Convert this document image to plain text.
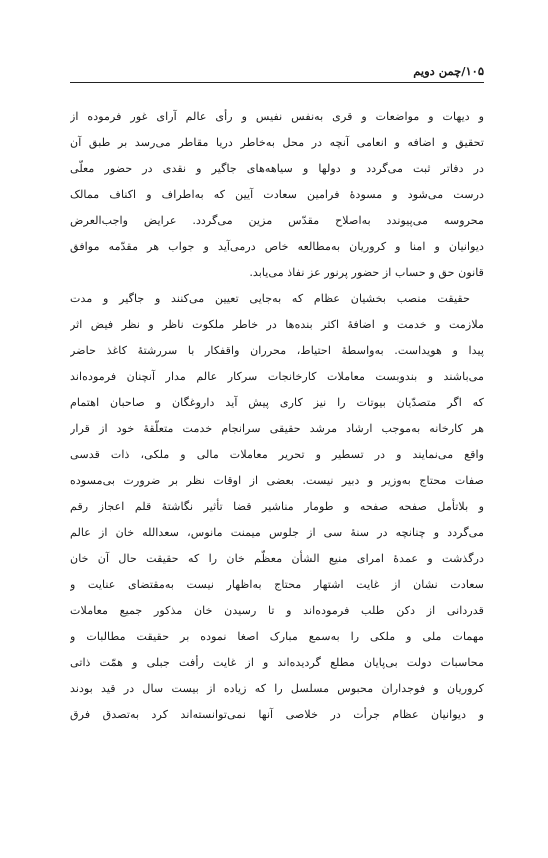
۱۰۵/چمن دویم
و دیهات و مواضعات و قری به‌نفس نفیس و رأی عالم آرای غور فرموده از
تحقیق و اضافه و انعامی آنچه در محل به‌خاطر دریا مقاطر می‌رسد بر طبق آن
در دفاتر ثبت می‌گردد و دولها و سیاهه‌های جاگیر و نقدی در حضور معلّی
درست می‌شود و مسودهٔ فرامین سعادت آیین که به‌اطراف و اکناف ممالک
محروسه می‌پیوندد به‌اصلاح مقدّس مزین می‌گردد. عرایض واجب‌العرض
دیوانیان و امنا و کروریان به‌مطالعه خاص درمی‌آید و جواب هر مقدّمه موافق
قانون حق و حساب از حضور پرنور عز نفاذ می‌یابد.
حقیقت منصب بخشیان عظام که به‌جایی تعیین می‌کنند و جاگیر و مدت
ملازمت و خدمت و اضافهٔ اکثر بنده‌ها در خاطر ملکوت ناظر و نظر فیض اثر
پیدا و هویداست. به‌واسطهٔ احتیاط، محرران واقفکار با سررشتهٔ کاغذ حاضر
می‌باشند و بندوبست معاملات کارخانجات سرکار عالم مدار آنچنان فرموده‌اند
که اگر متصدّیان بیوتات را نیز کاری پیش آید داروغگان و صاحبان اهتمام
هر کارخانه به‌موجب ارشاد مرشد حقیقی سرانجام خدمت متعلّقهٔ خود از قرار
واقع می‌نمایند و در تسطیر و تحریر معاملات مالی و ملکی، ذات قدسی
صفات محتاج به‌وزیر و دبیر نیست. بعضی از اوقات نظر بر ضرورت بی‌مسوده
و بلاتأمل صفحه صفحه و طومار مناشیر قضا تأثیر نگاشتهٔ قلم اعجاز رقم
می‌گردد و چنانچه در سنهٔ سی از جلوس میمنت مانوس، سعدالله خان از عالم
درگذشت و عمدهٔ امرای منیع الشأن معظّم خان را که حقیقت حال آن خان
سعادت نشان از غایت اشتهار محتاج به‌اظهار نیست به‌مقتضای عنایت و
قدردانی از دکن طلب فرموده‌اند و تا رسیدن خان مذکور جمیع معاملات
مهمات ملی و ملکی را به‌سمع مبارک اصغا نموده بر حقیقت مطالبات و
محاسبات دولت بی‌پایان مطلع گردیده‌اند و از غایت رأفت جبلی و همّت ذاتی
کروریان و فوجداران محبوس مسلسل را که زیاده از بیست سال در قید بودند
و دیوانیان عظام جرأت در خلاصی آنها نمی‌توانسته‌اند کرد به‌تصدق فرق
